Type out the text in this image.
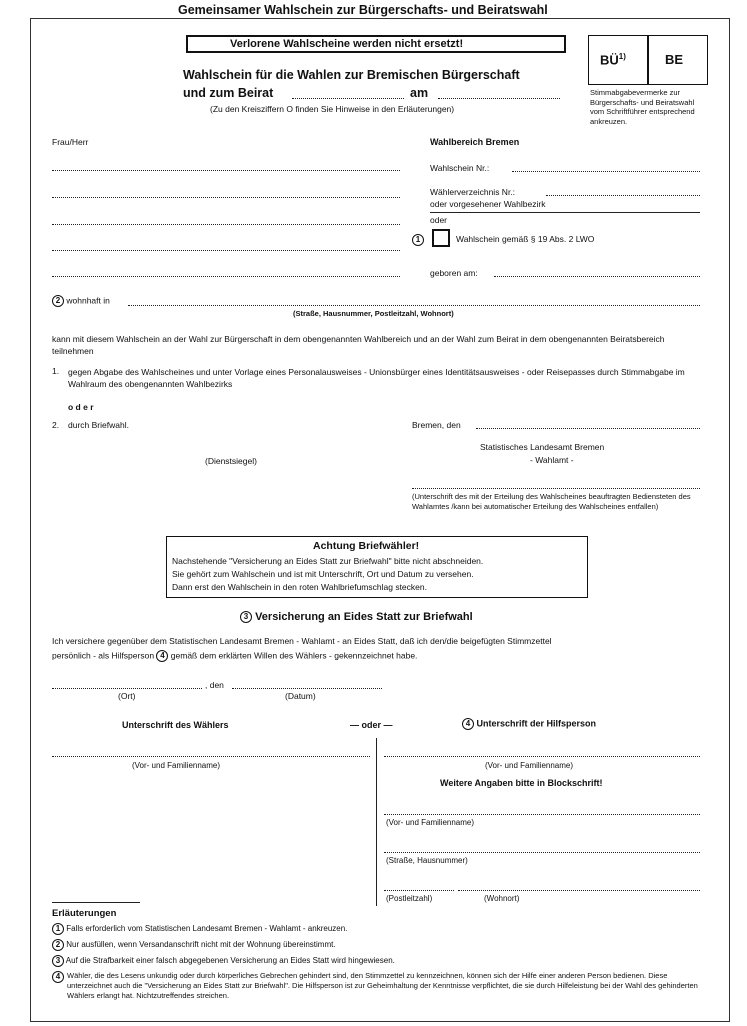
Gemeinsamer Wahlschein zur Bürgerschafts- und Beiratswahl
Verlorene Wahlscheine werden nicht ersetzt!
BÜ$^{1)}$	BE
Stimmabgabevermerke zur Bürgerschafts- und Beiratswahl vom Schriftführer entsprechend ankreuzen.
Wahlschein für die Wahlen zur Bremischen Bürgerschaft
und zum Beirat	am
(Zu den Kreisziffern O finden Sie Hinweise in den Erläuterungen)
Frau/Herr	Wahlbereich Bremen
Wahlschein Nr.:
Wählerverzeichnis Nr.:
oder vorgesehener Wahlbezirk
oder
1	Wahlschein gemäß § 19 Abs. 2 LWO
geboren am:
2 wohnhaft in
(Straße, Hausnummer, Postleitzahl, Wohnort)
kann mit diesem Wahlschein an der Wahl zur Bürgerschaft in dem obengenannten Wahlbereich und an der Wahl zum Beirat in dem obengenannten Beiratsbereich teilnehmen
1. gegen Abgabe des Wahlscheines und unter Vorlage eines Personalausweises - Unionsbürger eines Identitätsausweises - oder Reisepasses durch Stimmabgabe im Wahlraum des obengenannten Wahlbezirks
o d e r
2. durch Briefwahl.	Bremen, den
Statistisches Landesamt Bremen
- Wahlamt -
(Dienstsiegel)
(Unterschrift des mit der Erteilung des Wahlscheines beauftragten Bediensteten des Wahlamtes /kann bei automatischer Erteilung des Wahlscheines entfallen)
Achtung Briefwähler!
Nachstehende "Versicherung an Eides Statt zur Briefwahl" bitte nicht abschneiden.
Sie gehört zum Wahlschein und ist mit Unterschrift, Ort und Datum zu versehen.
Dann erst den Wahlschein in den roten Wahlbriefumschlag stecken.
3 Versicherung an Eides Statt zur Briefwahl
Ich versichere gegenüber dem Statistischen Landesamt Bremen - Wahlamt - an Eides Statt, daß ich den/die beigefügten Stimmzettel
persönlich - als Hilfsperson 4 gemäß dem erklärten Willen des Wählers - gekennzeichnet habe.
, den
(Ort)	(Datum)
Unterschrift des Wählers	— oder —	4 Unterschrift der Hilfsperson
(Vor- und Familienname)	(Vor- und Familienname)
Weitere Angaben bitte in Blockschrift!
(Vor- und Familienname)
(Straße, Hausnummer)
(Postleitzahl)	(Wohnort)
Erläuterungen
1 Falls erforderlich vom Statistischen Landesamt Bremen - Wahlamt - ankreuzen.
2 Nur ausfüllen, wenn Versandanschrift nicht mit der Wohnung übereinstimmt.
3 Auf die Strafbarkeit einer falsch abgegebenen Versicherung an Eides Statt wird hingewiesen.
4 Wähler, die des Lesens unkundig oder durch körperliches Gebrechen gehindert sind, den Stimmzettel zu kennzeichnen, können sich der Hilfe einer anderen Person bedienen. Diese unterzeichnet auch die "Versicherung an Eides Statt zur Briefwahl". Die Hilfsperson ist zur Geheimhaltung der Kenntnisse verpflichtet, die sie durch Hilfeleistung bei der Wahl des gehinderten Wählers erlangt hat. Nichtzutreffendes streichen.
